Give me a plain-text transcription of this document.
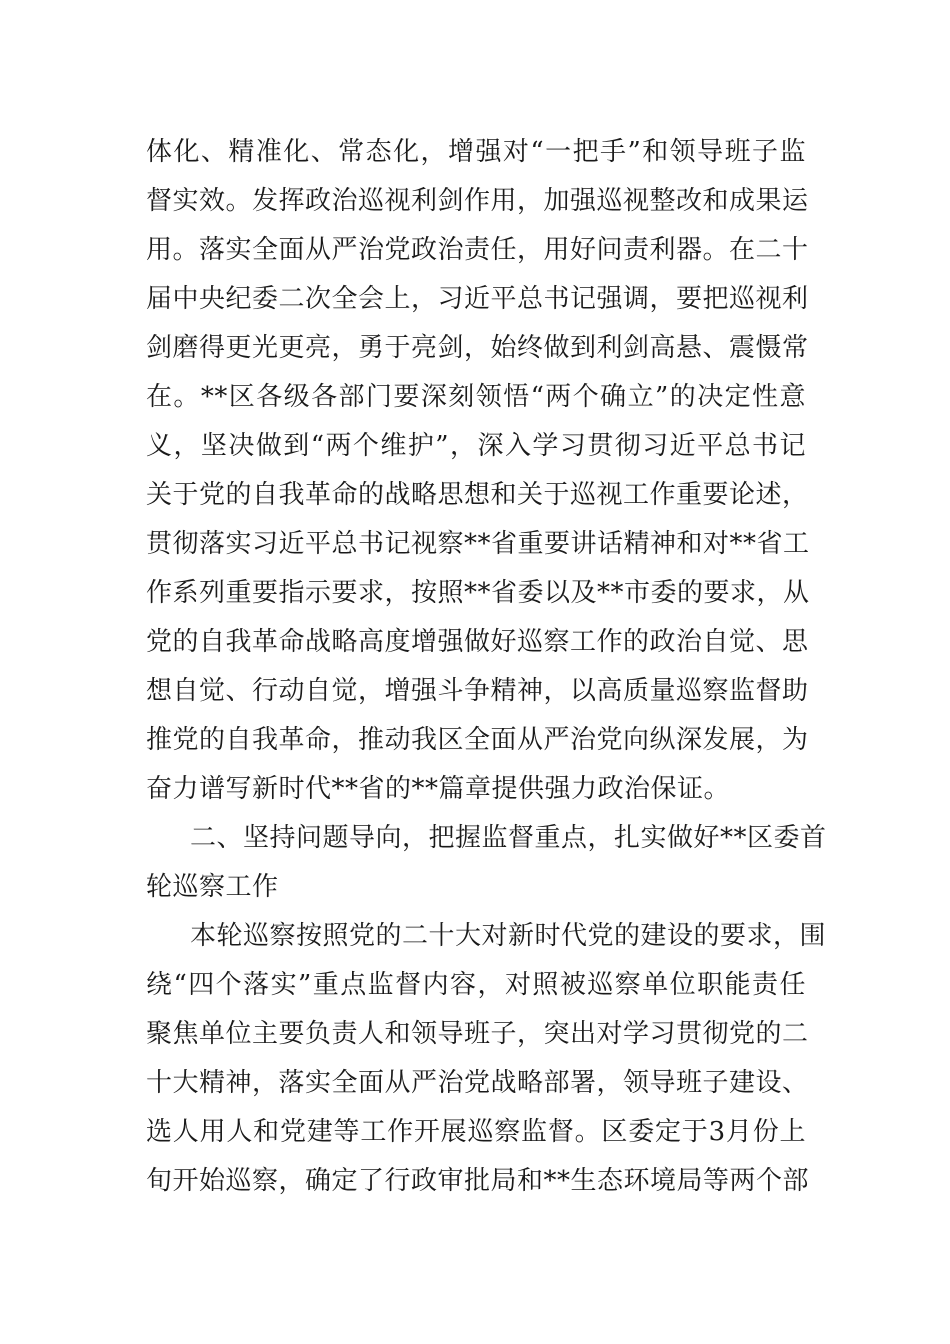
体化、精准化、常态化，增强对“一把手”和领导班子监
督实效。发挥政治巡视利剑作用，加强巡视整改和成果运
用。落实全面从严治党政治责任，用好问责利器。在二十
届中央纪委二次全会上，习近平总书记强调，要把巡视利
剑磨得更光更亮，勇于亮剑，始终做到利剑高悬、震慑常
在。**区各级各部门要深刻领悟“两个确立”的决定性意
义，坚决做到“两个维护”，深入学习贯彻习近平总书记
关于党的自我革命的战略思想和关于巡视工作重要论述，
贯彻落实习近平总书记视察**省重要讲话精神和对**省工
作系列重要指示要求，按照**省委以及**市委的要求，从
党的自我革命战略高度增强做好巡察工作的政治自觉、思
想自觉、行动自觉，增强斗争精神，以高质量巡察监督助
推党的自我革命，推动我区全面从严治党向纵深发展，为
奋力谱写新时代**省的**篇章提供强力政治保证。
二、坚持问题导向，把握监督重点，扎实做好**区委首
轮巡察工作
本轮巡察按照党的二十大对新时代党的建设的要求，围
绕“四个落实”重点监督内容，对照被巡察单位职能责任
聚焦单位主要负责人和领导班子，突出对学习贯彻党的二
十大精神，落实全面从严治党战略部署，领导班子建设、
选人用人和党建等工作开展巡察监督。区委定于3月份上
旬开始巡察，确定了行政审批局和**生态环境局等两个部
